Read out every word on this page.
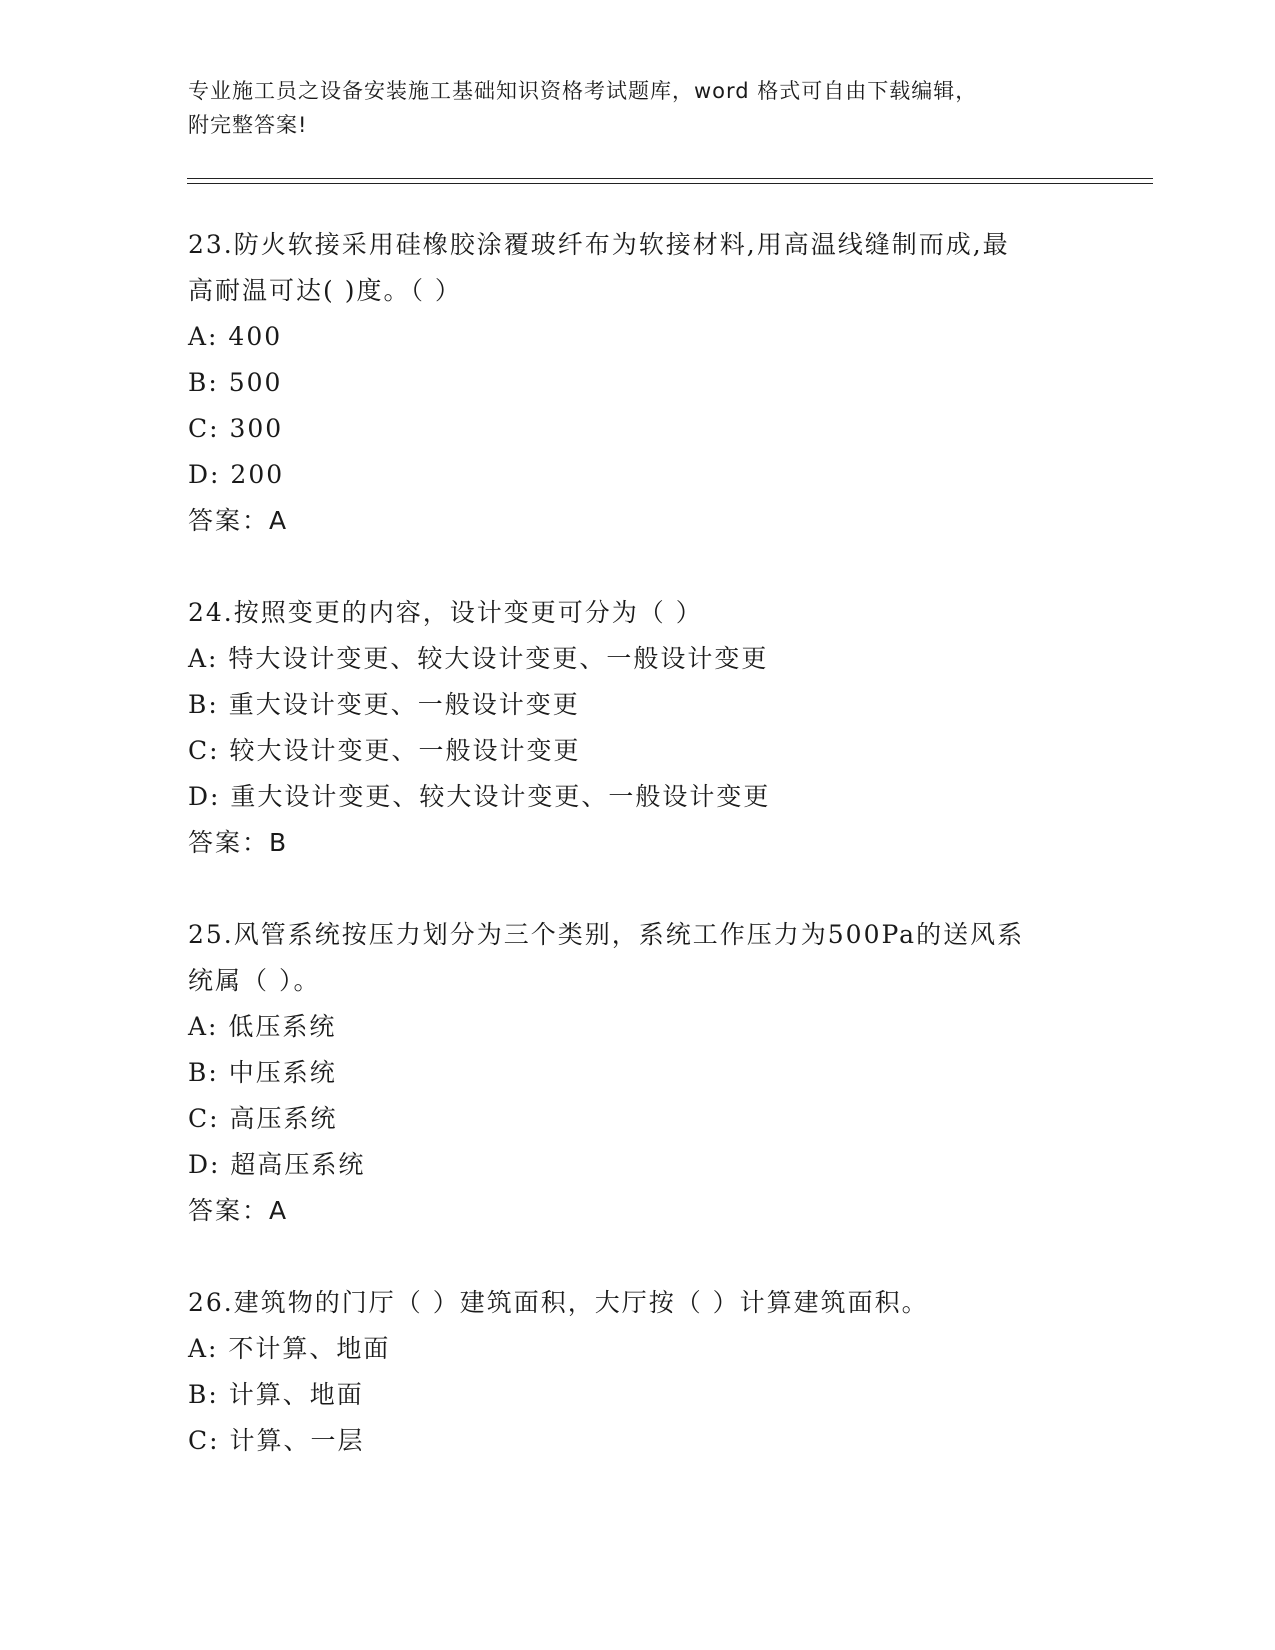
专业施工员之设备安装施工基础知识资格考试题库，word 格式可自由下载编辑，
附完整答案!
23.防火软接采用硅橡胶涂覆玻纤布为软接材料,用高温线缝制而成,最
高耐温可达( )度。（ ）
A: 400
B: 500
C: 300
D: 200
答案：A
24.按照变更的内容，设计变更可分为（ ）
A: 特大设计变更、较大设计变更、一般设计变更
B: 重大设计变更、一般设计变更
C: 较大设计变更、一般设计变更
D: 重大设计变更、较大设计变更、一般设计变更
答案：B
25.风管系统按压力划分为三个类别，系统工作压力为500Pa的送风系
统属（ ）。
A: 低压系统
B: 中压系统
C: 高压系统
D: 超高压系统
答案：A
26.建筑物的门厅（ ）建筑面积，大厅按（ ）计算建筑面积。
A: 不计算、地面
B: 计算、地面
C: 计算、一层
